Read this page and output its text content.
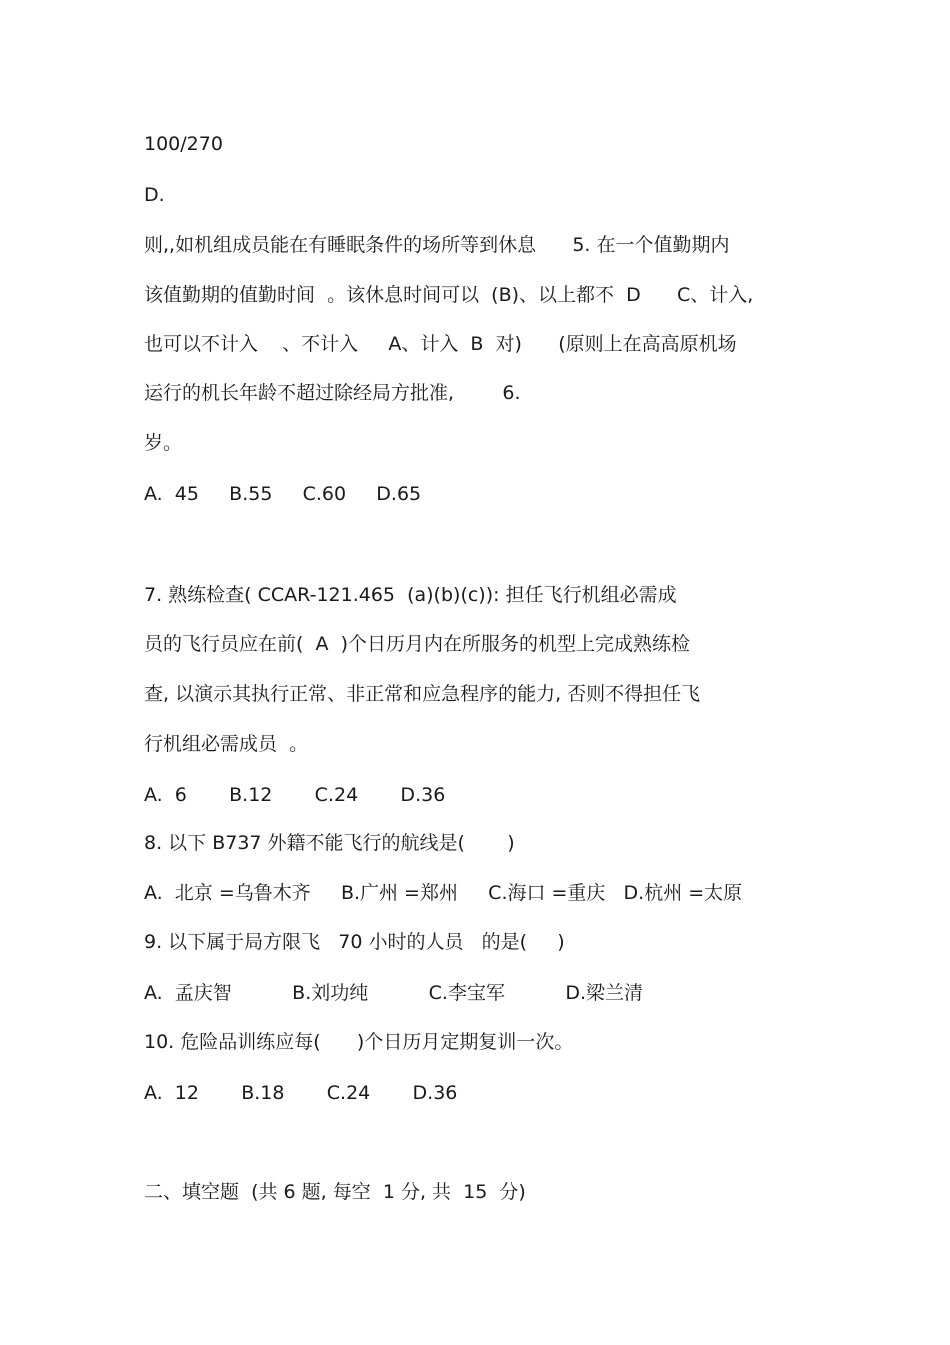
100/270
D.
则,,如机组成员能在有睡眠条件的场所等到休息      5. 在一个值勤期内
该值勤期的值勤时间  。该休息时间可以  (B)、以上都不  D      C、计入,
也可以不计入    、不计入     A、计入  B  对)      (原则上在高高原机场
运行的机长年龄不超过除经局方批准,        6.
岁。
A.  45     B.55     C.60     D.65
7. 熟练检查( CCAR-121.465  (a)(b)(c)): 担任飞行机组必需成
员的飞行员应在前(  A  )个日历月内在所服务的机型上完成熟练检
查, 以演示其执行正常、非正常和应急程序的能力, 否则不得担任飞
行机组必需成员  。
A.  6       B.12       C.24       D.36
8. 以下 B737 外籍不能飞行的航线是(       )
A.  北京 =乌鲁木齐     B.广州 =郑州     C.海口 =重庆   D.杭州 =太原
9. 以下属于局方限飞   70 小时的人员   的是(     )
A.  孟庆智          B.刘功纯          C.李宝军          D.梁兰清
10. 危险品训练应每(      )个日历月定期复训一次。
A.  12       B.18       C.24       D.36
二、填空题  (共 6 题, 每空  1 分, 共  15  分)
